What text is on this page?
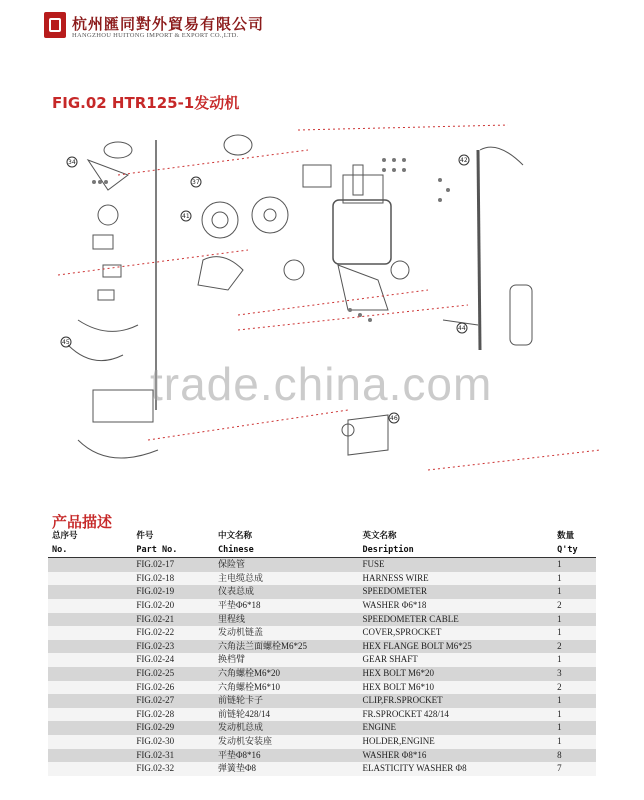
杭州匯同對外貿易有限公司
HANGZHOU HUITONG IMPORT & EXPORT CO.,LTD.
FIG.02 HTR125-1发动机
34
37
41
42
44
45
46
trade.china.com
产品描述
总序号	件号	中文名称	英文名称	数量
No.	Part No.	Chinese	Desription	Q'ty
	FIG.02-17	保险管	FUSE	1
	FIG.02-18	主电缆总成	HARNESS WIRE	1
	FIG.02-19	仪表总成	SPEEDOMETER	1
	FIG.02-20	平垫Φ6*18	WASHER Φ6*18	2
	FIG.02-21	里程线	SPEEDOMETER CABLE	1
	FIG.02-22	发动机链盖	COVER,SPROCKET	1
	FIG.02-23	六角法兰面螺栓M6*25	HEX FLANGE BOLT M6*25	2
	FIG.02-24	换档臂	GEAR SHAFT	1
	FIG.02-25	六角螺栓M6*20	HEX BOLT M6*20	3
	FIG.02-26	六角螺栓M6*10	HEX BOLT M6*10	2
	FIG.02-27	前链轮卡子	CLIP,FR.SPROCKET	1
	FIG.02-28	前链轮428/14	FR.SPROCKET 428/14	1
	FIG.02-29	发动机总成	ENGINE	1
	FIG.02-30	发动机安装座	HOLDER,ENGINE	1
	FIG.02-31	平垫Φ8*16	WASHER Φ8*16	8
	FIG.02-32	弹簧垫Φ8	ELASTICITY WASHER Φ8	7
